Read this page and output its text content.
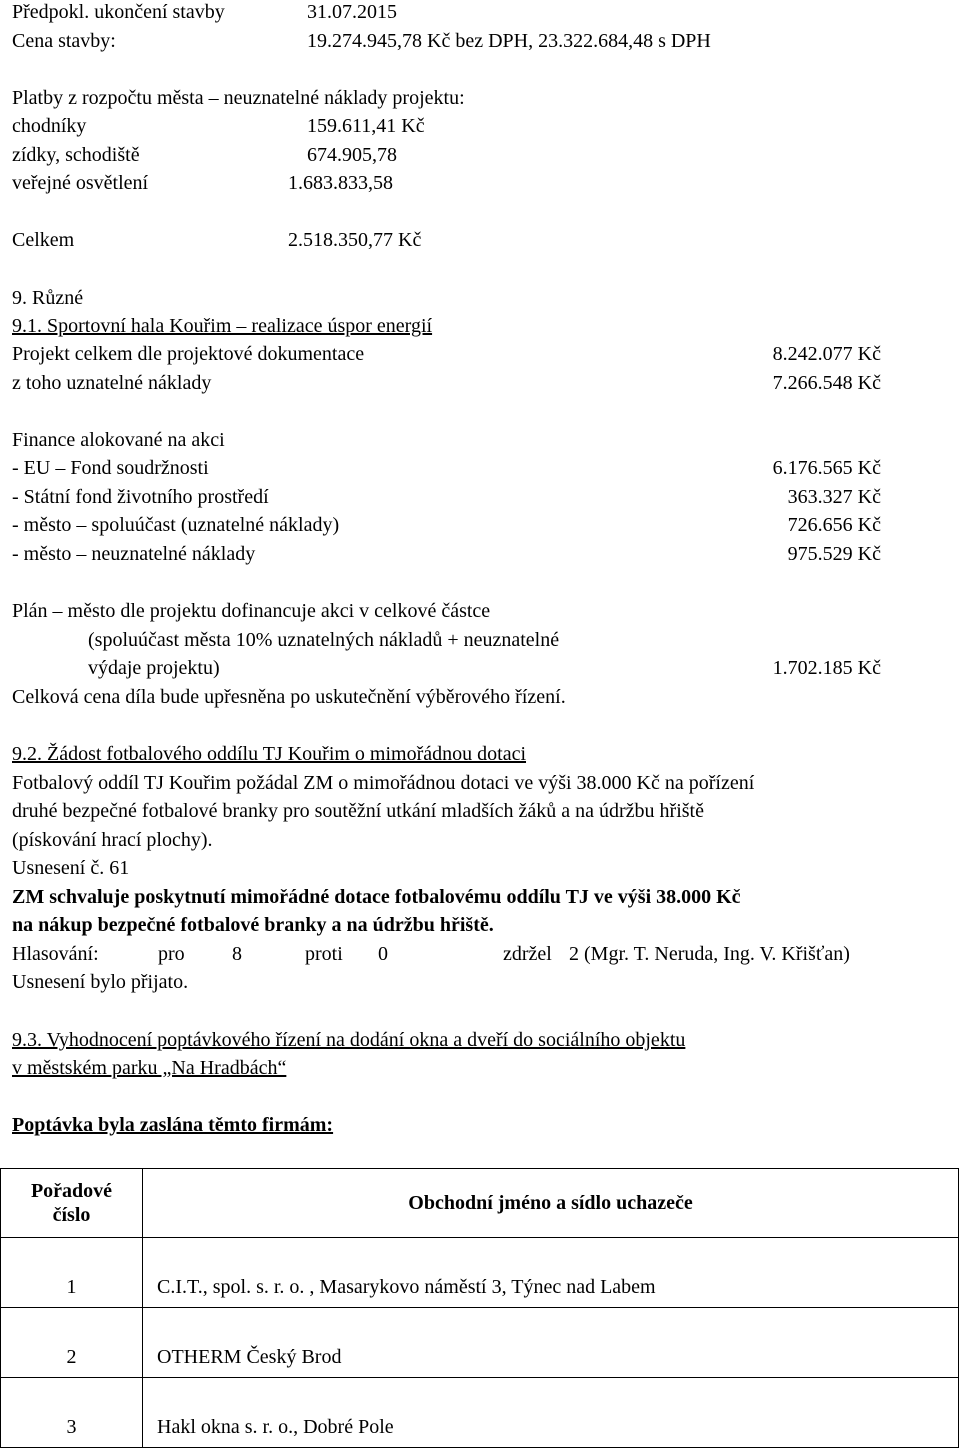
Předpokl. ukončení stavby	31.07.2015
Cena stavby:	19.274.945,78 Kč bez DPH, 23.322.684,48 s DPH
Platby z rozpočtu města – neuznatelné náklady projektu:
chodníky	159.611,41 Kč
zídky, schodiště	674.905,78
veřejné osvětlení	1.683.833,58
Celkem	2.518.350,77 Kč
9. Různé
9.1. Sportovní hala Kouřim – realizace úspor energií
Projekt celkem dle projektové dokumentace	8.242.077 Kč
z toho uznatelné náklady	7.266.548 Kč
Finance alokované na akci
- EU – Fond soudržnosti	6.176.565 Kč
- Státní fond životního prostředí	363.327 Kč
- město – spoluúčast (uznatelné náklady)	726.656 Kč
- město – neuznatelné náklady	975.529 Kč
Plán – město dle projektu dofinancuje akci v celkové částce
(spoluúčast města 10% uznatelných nákladů + neuznatelné
výdaje projektu)	1.702.185 Kč
Celková cena díla bude upřesněna po uskutečnění výběrového řízení.
9.2. Žádost fotbalového oddílu TJ Kouřim o mimořádnou dotaci
Fotbalový oddíl TJ Kouřim požádal ZM o mimořádnou dotaci ve výši 38.000 Kč na pořízení
druhé bezpečné fotbalové branky pro soutěžní utkání mladších žáků a na údržbu hřiště
(pískování hrací plochy).
Usnesení č. 61
ZM schvaluje poskytnutí mimořádné dotace fotbalovému oddílu TJ ve výši 38.000 Kč
na nákup bezpečné fotbalové branky a na údržbu hřiště.
Hlasování:	pro 8	proti 0	zdržel 2 (Mgr. T. Neruda, Ing. V. Křišťan)
Usnesení bylo přijato.
9.3. Vyhodnocení poptávkového řízení na dodání okna a dveří do sociálního objektu
v městském parku „Na Hradbách“
Poptávka byla zaslána těmto firmám:
Pořadové
číslo	Obchodní jméno a sídlo uchazeče
1	C.I.T., spol. s. r. o. , Masarykovo náměstí 3, Týnec nad Labem
2	OTHERM Český Brod
3	Hakl okna s. r. o., Dobré Pole
